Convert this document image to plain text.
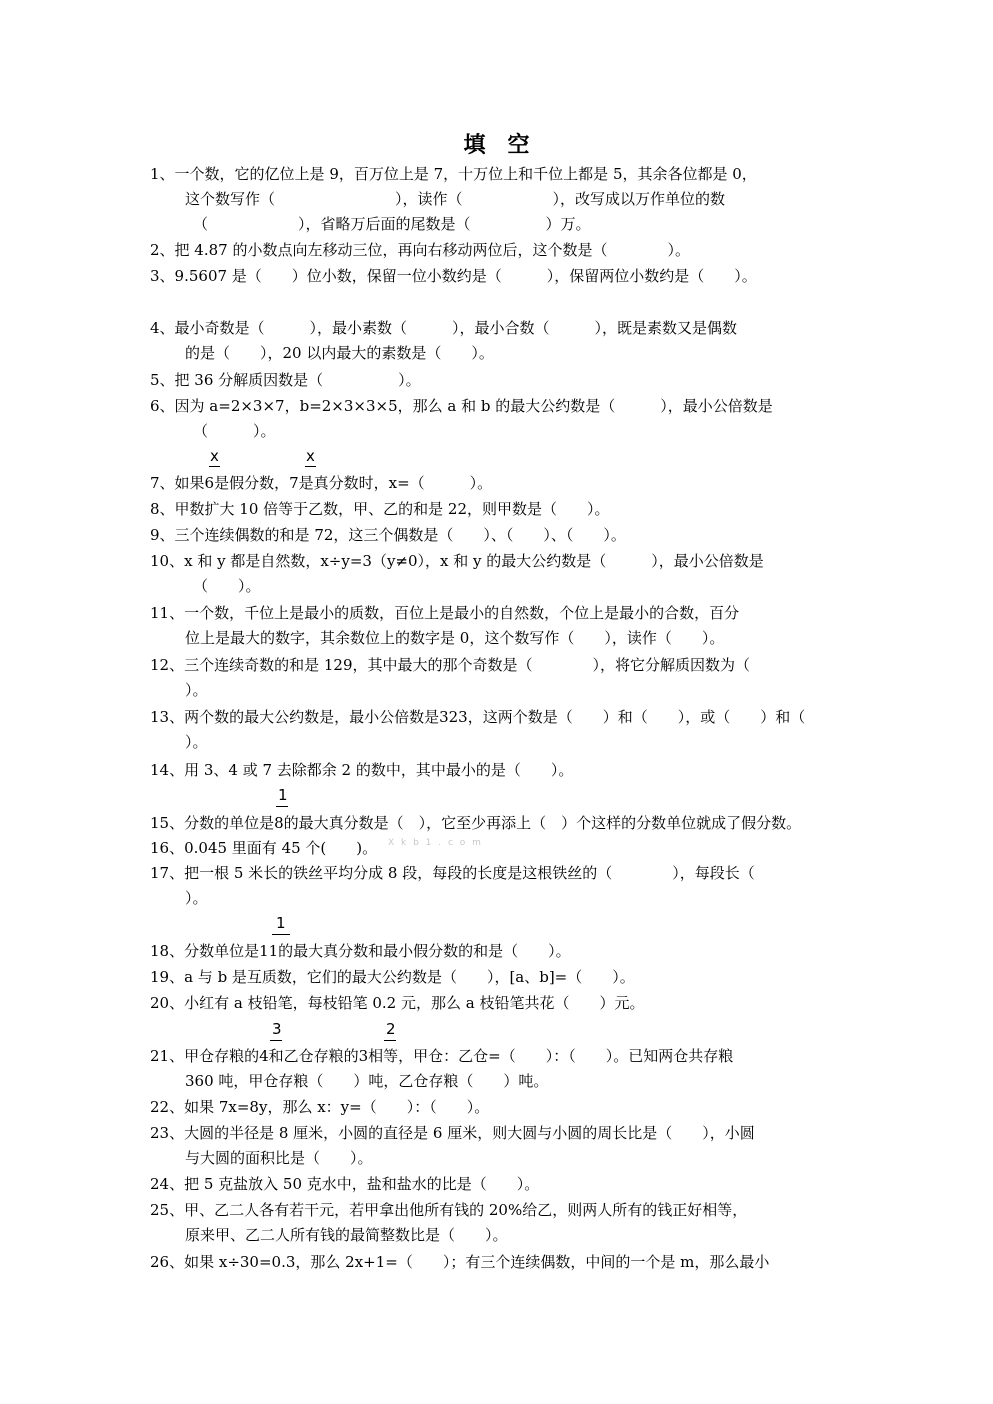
填　空
1、一个数，它的亿位上是 9，百万位上是 7，十万位上和千位上都是 5，其余各位都是 0，
这个数写作（　　　　　　　　），读作（　　　　　　），改写成以万作单位的数
（　　　　　　），省略万后面的尾数是（　　　　　）万。
2、把 4.87 的小数点向左移动三位，再向右移动两位后，这个数是（　　　　）。
3、9.5607 是（　　）位小数，保留一位小数约是（　　　），保留两位小数约是（　　）。
4、最小奇数是（　　　），最小素数（　　　），最小合数（　　　），既是素数又是偶数
的是（　　），20 以内最大的素数是（　　）。
5、把 36 分解质因数是（　　　　　）。
6、因为 a=2×3×7，b=2×3×3×5，那么 a 和 b 的最大公约数是（　　　），最小公倍数是
（　　　）。
x	x
7、如果6是假分数，7是真分数时，x=（　　　）。
8、甲数扩大 10 倍等于乙数，甲、乙的和是 22，则甲数是（　　）。
9、三个连续偶数的和是 72，这三个偶数是（　　）、（　　）、（　　）。
10、x 和 y 都是自然数，x÷y=3（y≠0），x 和 y 的最大公约数是（　　　），最小公倍数是
（　　）。
11、一个数，千位上是最小的质数，百位上是最小的自然数，个位上是最小的合数，百分
位上是最大的数字，其余数位上的数字是 0，这个数写作（　　），读作（　　）。
12、三个连续奇数的和是 129，其中最大的那个奇数是（　　　　），将它分解质因数为（
）。
13、两个数的最大公约数是，最小公倍数是323，这两个数是（　　）和（　　），或（　　）和（
）。
14、用 3、4 或 7 去除都余 2 的数中，其中最小的是（　　）。
1
15、分数的单位是8的最大真分数是（　），它至少再添上（　）个这样的分数单位就成了假分数。
16、0.045 里面有 45 个(　　)。 X k b 1 . c o m
17、把一根 5 米长的铁丝平均分成 8 段，每段的长度是这根铁丝的（　　　　），每段长（
）。
1
18、分数单位是11的最大真分数和最小假分数的和是（　　）。
19、a 与 b 是互质数，它们的最大公约数是（　　），[a、b]=（　　）。
20、小红有 a 枝铅笔，每枝铅笔 0.2 元，那么 a 枝铅笔共花（　　）元。
3	2
21、甲仓存粮的4和乙仓存粮的3相等，甲仓：乙仓=（　　）：（　　）。已知两仓共存粮
360 吨，甲仓存粮（　　）吨，乙仓存粮（　　）吨。
22、如果 7x=8y，那么 x：y=（　　）：（　　）。
23、大圆的半径是 8 厘米，小圆的直径是 6 厘米，则大圆与小圆的周长比是（　　），小圆
与大圆的面积比是（　　）。
24、把 5 克盐放入 50 克水中，盐和盐水的比是（　　）。
25、甲、乙二人各有若干元，若甲拿出他所有钱的 20%给乙，则两人所有的钱正好相等，
原来甲、乙二人所有钱的最简整数比是（　　）。
26、如果 x÷30=0.3，那么 2x+1=（　　）；有三个连续偶数，中间的一个是 m，那么最小
